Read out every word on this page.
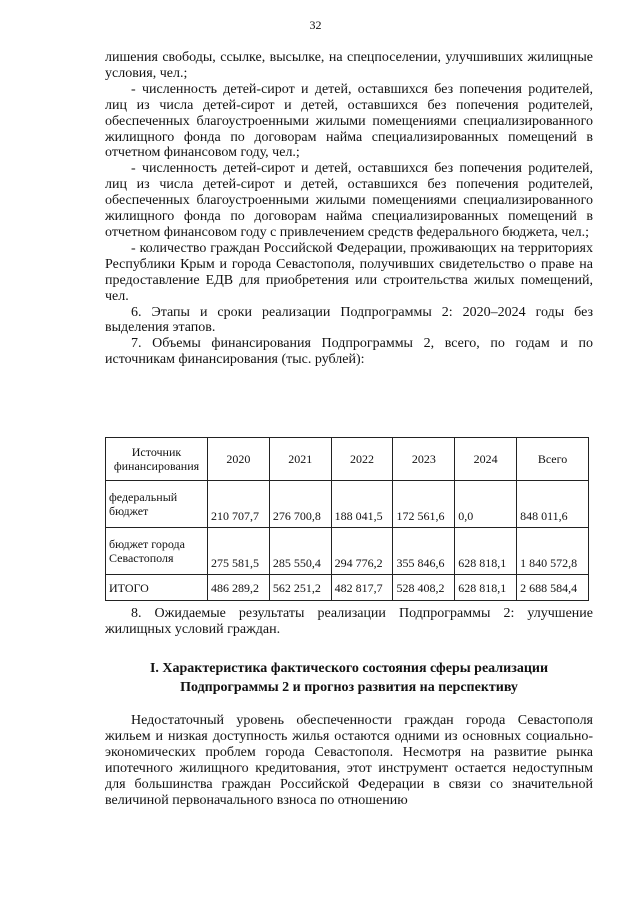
32

лишения свободы, ссылке, высылке, на спецпоселении, улучшивших жилищные условия, чел.;

- численность детей-сирот и детей, оставшихся без попечения родителей, лиц из числа детей-сирот и детей, оставшихся без попечения родителей, обеспеченных благоустроенными жилыми помещениями специализированного жилищного фонда по договорам найма специализированных помещений в отчетном финансовом году, чел.;

- численность детей-сирот и детей, оставшихся без попечения родителей, лиц из числа детей-сирот и детей, оставшихся без попечения родителей, обеспеченных благоустроенными жилыми помещениями специализированного жилищного фонда по договорам найма специализированных помещений в отчетном финансовом году с привлечением средств федерального бюджета, чел.;

- количество граждан Российской Федерации, проживающих на территориях Республики Крым и города Севастополя, получивших свидетельство о праве на предоставление ЕДВ для приобретения или строительства жилых помещений, чел.

6. Этапы и сроки реализации Подпрограммы 2: 2020–2024 годы без выделения этапов.

7. Объемы финансирования Подпрограммы 2, всего, по годам и по источникам финансирования (тыс. рублей):

Источник финансирования	2020	2021	2022	2023	2024	Всего
федеральный бюджет	210 707,7	276 700,8	188 041,5	172 561,6	0,0	848 011,6
бюджет города Севастополя	275 581,5	285 550,4	294 776,2	355 846,6	628 818,1	1 840 572,8
ИТОГО	486 289,2	562 251,2	482 817,7	528 408,2	628 818,1	2 688 584,4

8. Ожидаемые результаты реализации Подпрограммы 2: улучшение жилищных условий граждан.

I. Характеристика фактического состояния сферы реализации
Подпрограммы 2 и прогноз развития на перспективу

Недостаточный уровень обеспеченности граждан города Севастополя жильем и низкая доступность жилья остаются одними из основных социально-экономических проблем города Севастополя. Несмотря на развитие рынка ипотечного жилищного кредитования, этот инструмент остается недоступным для большинства граждан Российской Федерации в связи со значительной величиной первоначального взноса по отношению
